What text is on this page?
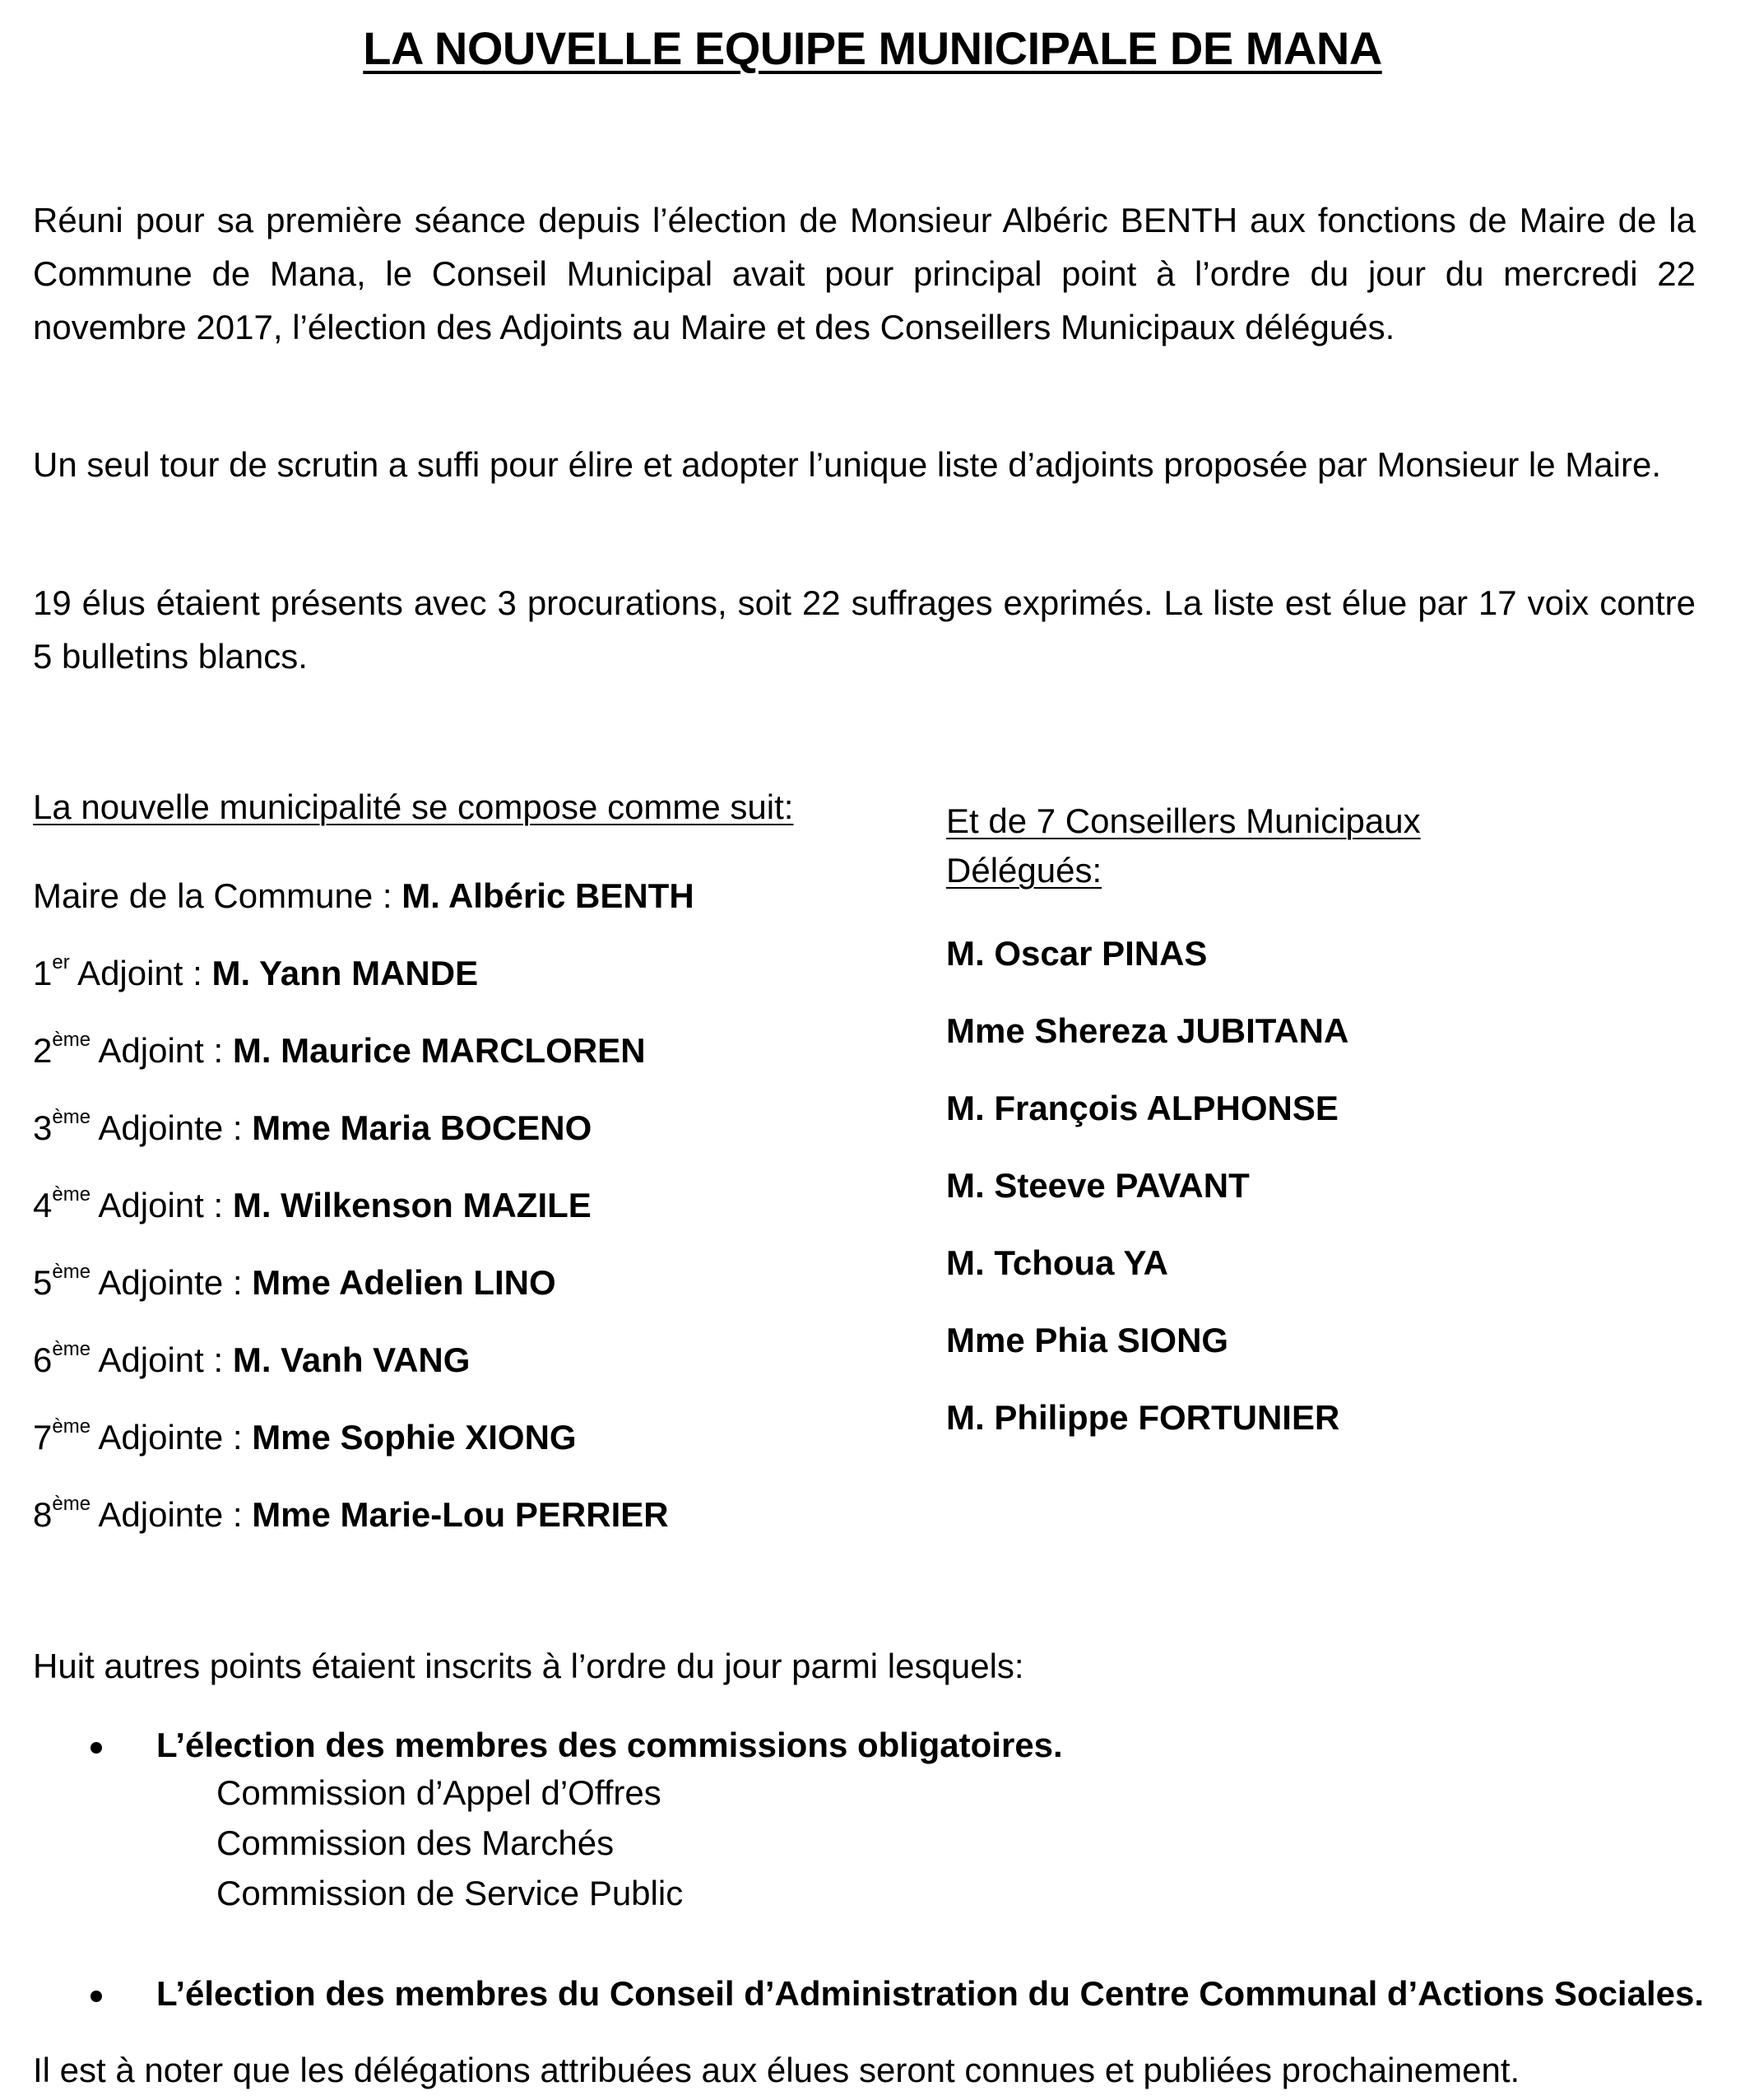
LA NOUVELLE EQUIPE MUNICIPALE DE MANA

Réuni pour sa première séance depuis l’élection de Monsieur Albéric BENTH aux fonctions de Maire de la Commune de Mana, le Conseil Municipal avait pour principal point à l’ordre du jour du mercredi 22 novembre 2017, l’élection des Adjoints au Maire et des Conseillers Municipaux délégués.

Un seul tour de scrutin a suffi pour élire et adopter l’unique liste d’adjoints proposée par Monsieur le Maire.

19 élus étaient présents avec 3 procurations, soit 22 suffrages exprimés. La liste est élue par 17 voix contre 5 bulletins blancs.

La nouvelle municipalité se compose comme suit:
Maire de la Commune : M. Albéric BENTH
1er Adjoint : M. Yann MANDE
2ème Adjoint : M. Maurice MARCLOREN
3ème Adjointe : Mme Maria BOCENO
4ème Adjoint : M. Wilkenson MAZILE
5ème Adjointe : Mme Adelien LINO
6ème Adjoint : M. Vanh VANG
7ème Adjointe : Mme Sophie XIONG
8ème Adjointe : Mme Marie-Lou PERRIER
Et de 7 Conseillers Municipaux
Délégués:
M. Oscar PINAS
Mme Shereza JUBITANA
M. François ALPHONSE
M. Steeve PAVANT
M. Tchoua YA
Mme Phia SIONG
M. Philippe FORTUNIER
Huit autres points étaient inscrits à l’ordre du jour parmi lesquels:
L’élection des membres des commissions obligatoires.
Commission d’Appel d’Offres
Commission des Marchés
Commission de Service Public
L’élection des membres du Conseil d’Administration du Centre Communal d’Actions Sociales.
Il est à noter que les délégations attribuées aux élues seront connues et publiées prochainement.
